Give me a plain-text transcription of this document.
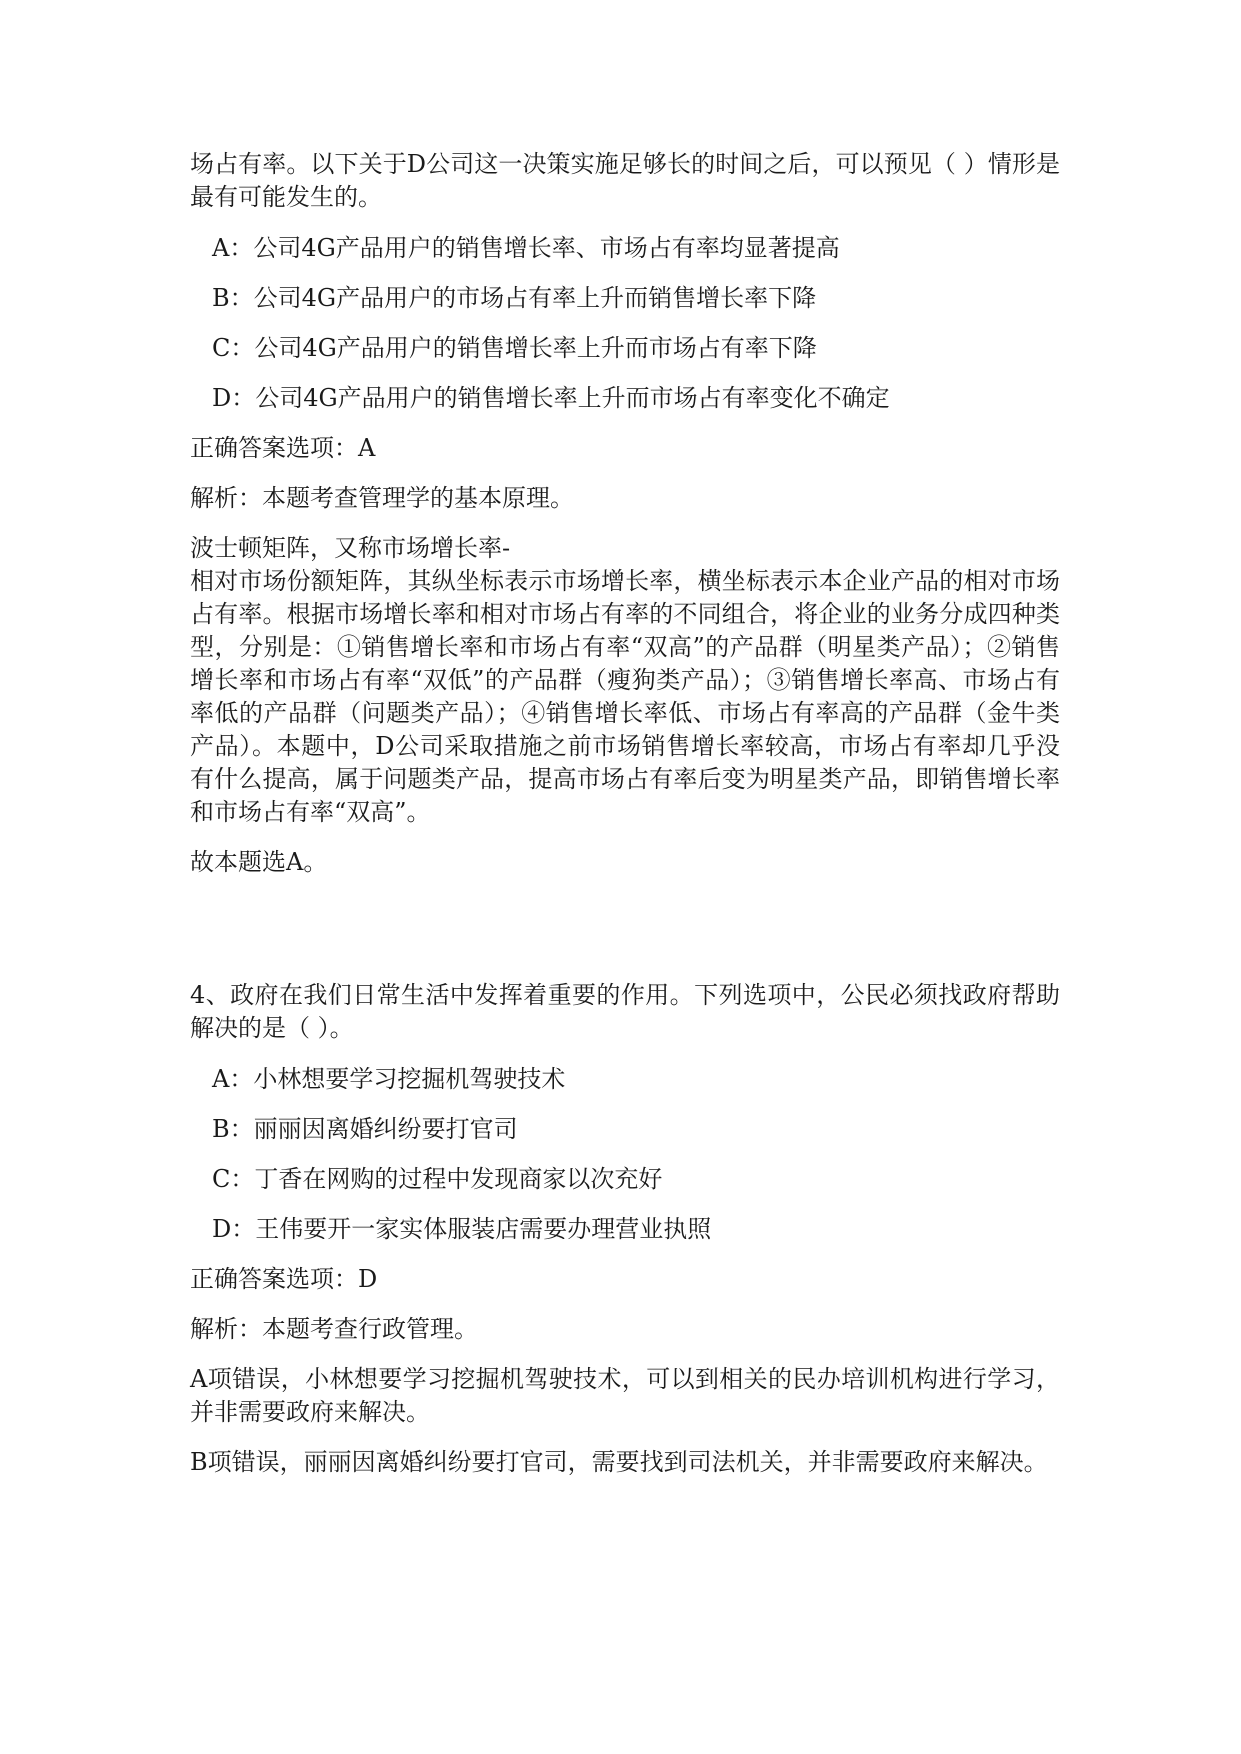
场占有率。以下关于D公司这一决策实施足够长的时间之后，可以预见（ ）情形是最有可能发生的。

A：公司4G产品用户的销售增长率、市场占有率均显著提高

B：公司4G产品用户的市场占有率上升而销售增长率下降

C：公司4G产品用户的销售增长率上升而市场占有率下降

D：公司4G产品用户的销售增长率上升而市场占有率变化不确定

正确答案选项：A

解析：本题考查管理学的基本原理。

波士顿矩阵，又称市场增长率-

相对市场份额矩阵，其纵坐标表示市场增长率，横坐标表示本企业产品的相对市场占有率。根据市场增长率和相对市场占有率的不同组合，将企业的业务分成四种类型，分别是：①销售增长率和市场占有率“双高”的产品群（明星类产品）；②销售增长率和市场占有率“双低”的产品群（瘦狗类产品）；③销售增长率高、市场占有率低的产品群（问题类产品）；④销售增长率低、市场占有率高的产品群（金牛类产品）。本题中，D公司采取措施之前市场销售增长率较高，市场占有率却几乎没有什么提高，属于问题类产品，提高市场占有率后变为明星类产品，即销售增长率和市场占有率“双高”。

故本题选A。

4、政府在我们日常生活中发挥着重要的作用。下列选项中，公民必须找政府帮助解决的是（ ）。

A：小林想要学习挖掘机驾驶技术

B：丽丽因离婚纠纷要打官司

C：丁香在网购的过程中发现商家以次充好

D：王伟要开一家实体服装店需要办理营业执照

正确答案选项：D

解析：本题考查行政管理。

A项错误，小林想要学习挖掘机驾驶技术，可以到相关的民办培训机构进行学习，并非需要政府来解决。

B项错误，丽丽因离婚纠纷要打官司，需要找到司法机关，并非需要政府来解决。
